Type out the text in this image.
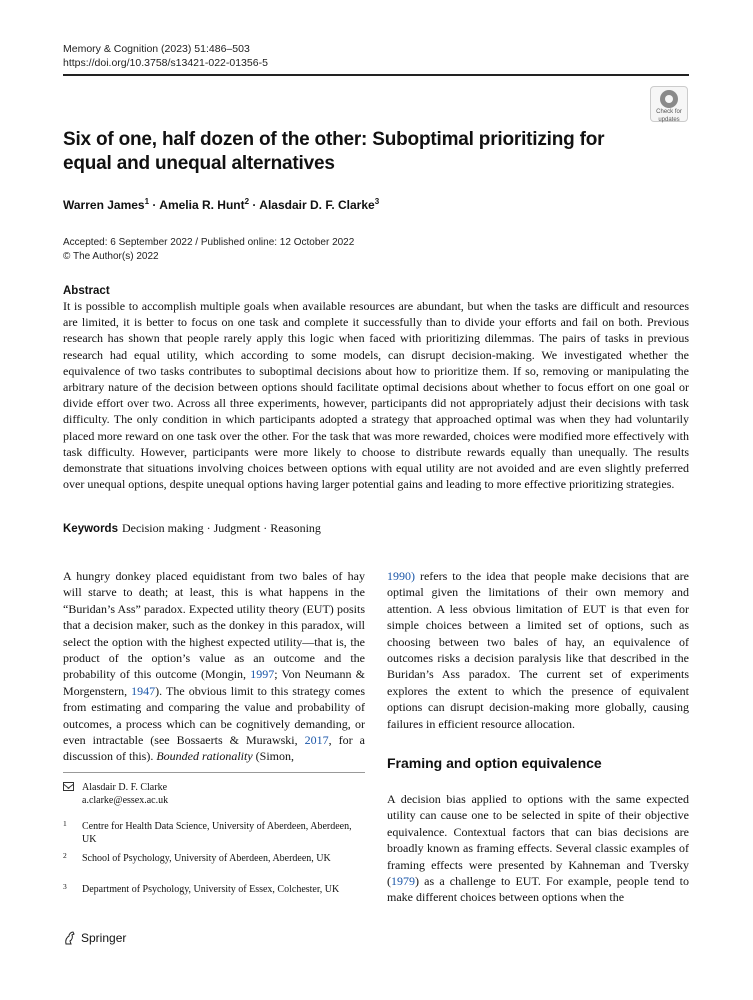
Memory & Cognition (2023) 51:486–503
https://doi.org/10.3758/s13421-022-01356-5
Check for
updates
Six of one, half dozen of the other: Suboptimal prioritizing for equal and unequal alternatives
Warren James$^1$ · Amelia R. Hunt$^2$ · Alasdair D. F. Clarke$^3$
Accepted: 6 September 2022 / Published online: 12 October 2022
© The Author(s) 2022
Abstract

It is possible to accomplish multiple goals when available resources are abundant, but when the tasks are difficult and resources are limited, it is better to focus on one task and complete it successfully than to divide your efforts and fail on both. Previous research has shown that people rarely apply this logic when faced with prioritizing dilemmas. The pairs of tasks in previous research had equal utility, which according to some models, can disrupt decision-making. We investigated whether the equivalence of two tasks contributes to suboptimal decisions about how to prioritize them. If so, removing or manipulating the arbitrary nature of the decision between options should facilitate optimal decisions about whether to focus effort on one goal or divide effort over two. Across all three experiments, however, participants did not appropriately adjust their decisions with task difficulty. The only condition in which participants adopted a strategy that approached optimal was when they had voluntarily placed more reward on one task over the other. For the task that was more rewarded, choices were modified more effectively with task difficulty. However, participants were more likely to choose to distribute rewards equally than unequally. The results demonstrate that situations involving choices between options with equal utility are not avoided and are even slightly preferred over unequal options, despite unequal options having larger potential gains and leading to more effective prioritizing strategies.

Keywords Decision making · Judgment · Reasoning

A hungry donkey placed equidistant from two bales of hay will starve to death; at least, this is what happens in the “Buridan’s Ass” paradox. Expected utility theory (EUT) posits that a decision maker, such as the donkey in this paradox, will select the option with the highest expected utility—that is, the product of the option’s value as an outcome and the probability of this outcome (Mongin, 1997; Von Neumann & Morgenstern, 1947). The obvious limit to this strategy comes from estimating and comparing the value and probability of outcomes, a process which can be cognitively demanding, or even intractable (see Bossaerts & Murawski, 2017, for a discussion of this). Bounded rationality (Simon,

1990) refers to the idea that people make decisions that are optimal given the limitations of their own memory and attention. A less obvious limitation of EUT is that even for simple choices between a limited set of options, such as choosing between two bales of hay, an equivalence of outcomes risks a decision paralysis like that described in the Buridan’s Ass paradox. The current set of experiments explores the extent to which the presence of equivalent options can disrupt decision-making more globally, causing failures in efficient resource allocation.

Framing and option equivalence

A decision bias applied to options with the same expected utility can cause one to be selected in spite of their objective equivalence. Contextual factors that can bias decisions are broadly known as framing effects. Several classic examples of framing effects were presented by Kahneman and Tversky (1979) as a challenge to EUT. For example, people tend to make different choices between options when the

Alasdair D. F. Clarke
a.clarke@essex.ac.uk
1 Centre for Health Data Science, University of Aberdeen, Aberdeen, UK
2 School of Psychology, University of Aberdeen, Aberdeen, UK
3 Department of Psychology, University of Essex, Colchester, UK
Springer
